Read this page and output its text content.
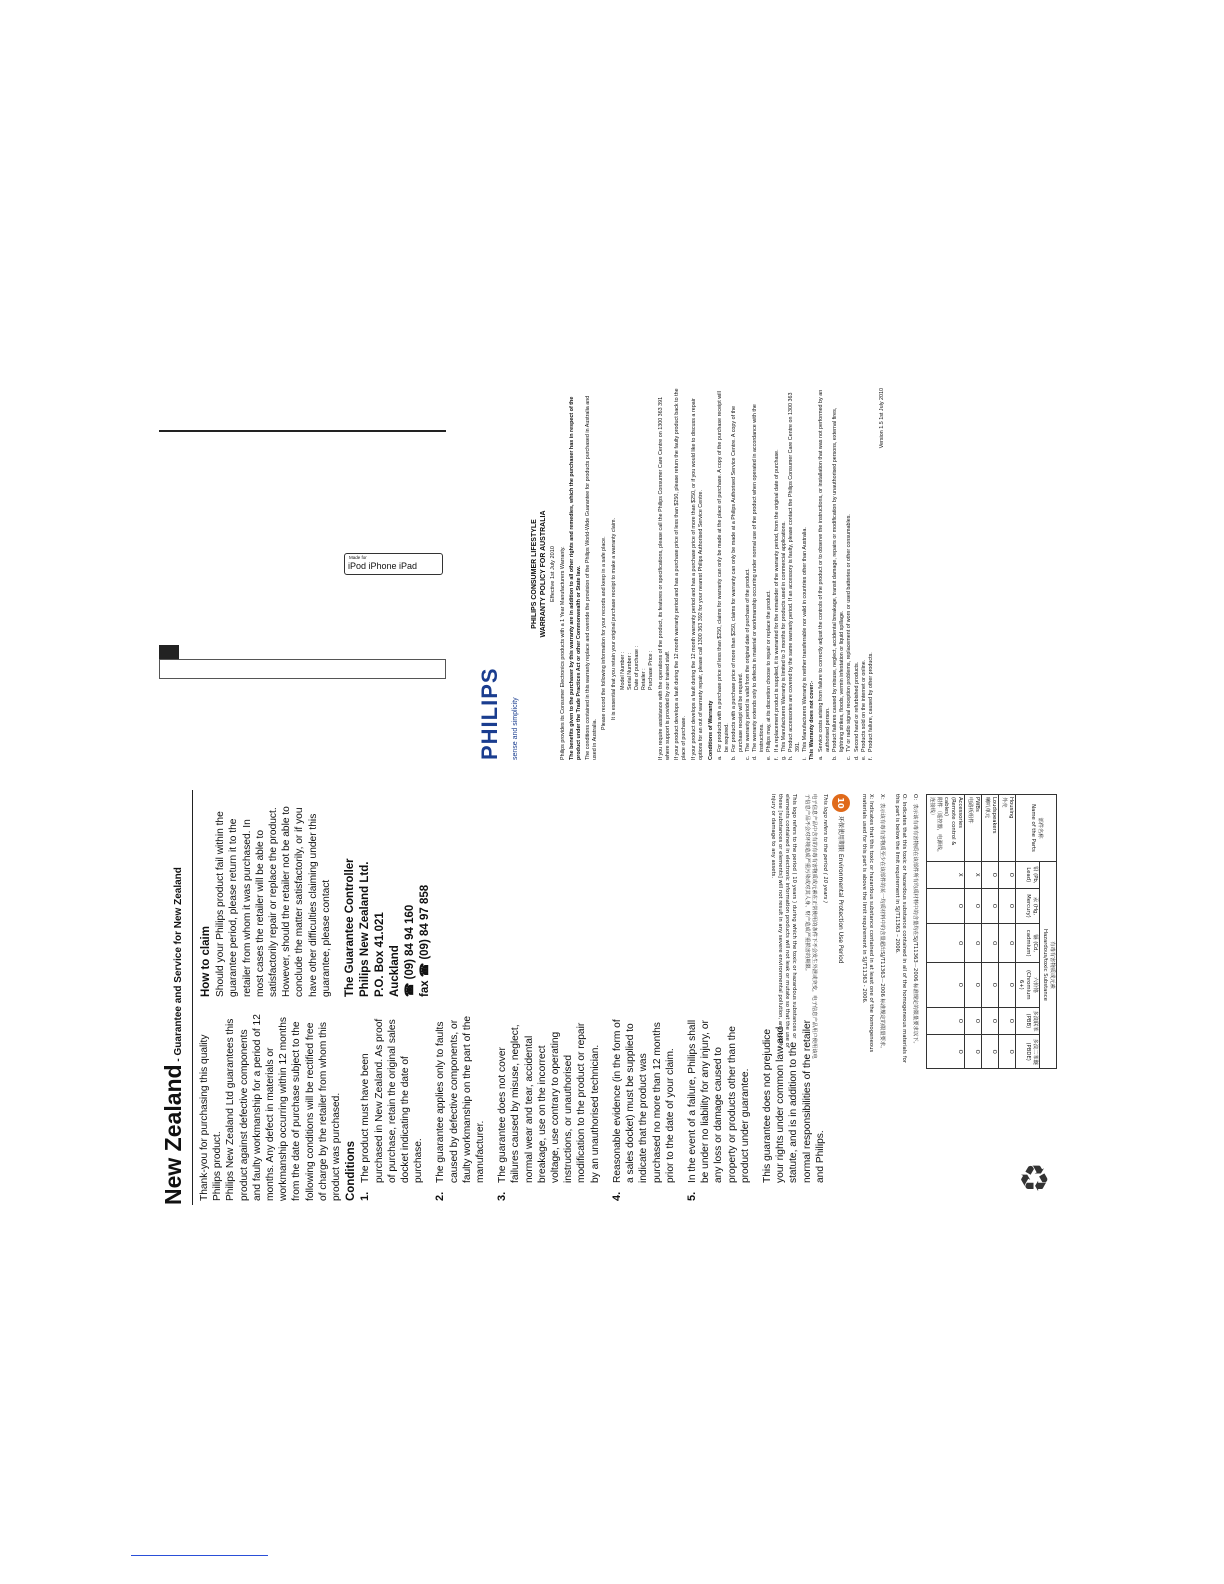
Made for
iPod iPhone iPad
New Zealand - Guarantee and Service for New Zealand

Thank-you for purchasing this quality Philips product. Philips New Zealand Ltd guarantees this product against defective components and faulty workmanship for a period of 12 months. Any defect in materials or workmanship occurring within 12 months from the date of purchase subject to the following conditions will be rectified free of charge by the retailer from whom this product was purchased. Conditions 1.
The product must have been purchased in New Zealand. As proof of purchase, retain the original sales docket indicating the date of purchase.
2.
The guarantee applies only to faults caused by defective components, or faulty workmanship on the part of the manufacturer.
3.
The guarantee does not cover failures caused by misuse, neglect, normal wear and tear, accidental breakage, use on the incorrect voltage, use contrary to operating instructions, or unauthorised modification to the product or repair by an unauthorised technician.
4.
Reasonable evidence (in the form of a sales docket) must be supplied to indicate that the product was purchased no more than 12 months prior to the date of your claim.
5.
In the event of a failure, Philips shall be under no liability for any injury, or any loss or damage caused to property or products other than the product under guarantee. This guarantee does not prejudice your rights under common law and statute, and is in addition to the normal responsibilities of the retailer and Philips.

How to claim Should your Philips product fail within the guarantee period, please return it to the retailer from whom it was purchased. In most cases the retailer will be able to satisfactorily repair or replace the product. However, should the retailer not be able to conclude the matter satisfactorily, or if you have other difficulties claiming under this guarantee, please contact The Guarantee Controller Philips New Zealand Ltd. P.O. Box 41.021 Auckland ☎ (09) 84 94 160 fax ☎ (09) 84 97 858
PHILIPS sense and simplicity
PHILIPS CONSUMER LIFESTYLE WARRANTY POLICY FOR AUSTRALIA Effective 1st July 2010 Philips provides its Consumer Electronics products with a 1 Year Manufacturers Warranty. The benefits given to the purchaser by this warranty are in addition to all other rights and remedies, which the purchaser has in respect of the product under the Trade Practices Act or other Commonwealth or State law. The conditions contained in this warranty replace and override the provision of the Philips World-Wide Guarantee for products purchased in Australia and used in Australia.

Please record the following information for your records and keep in a safe place. It is essential that you retain your original purchase receipt to make a warranty claim. Model Number : Serial Number : Date of purchase : Retailer : Purchase Price : If you require assistance with the operations of the product, its features or specifications, please call the Philips Consumer Care Centre on 1300 363 391 where support is provided by our trained staff. If your product develops a fault during the 12 month warranty period and has a purchase price of less than $250, please return the faulty product back to the place of purchase. If your product develops a fault during the 12 month warranty period and has a purchase price of more than $250, or if you would like to discuss a repair options for an out of warranty repair, please call 1300 363 392 for your nearest Philips Authorised Service Centre. Conditions of Warranty a.
For products with a purchase price of less than $250, claims for warranty can only be made at the place of purchase. A copy of the purchase receipt will be required.
b.
For products with a purchase price of more than $250, claims for warranty can only be made at a Philips Authorised Service Centre. A copy of the purchase receipt will be required.
c.
The warranty period is valid from the original date of purchase of the product.
d.
The warranty extends only to defects in material or workmanship occurring under normal use of the product when operated in accordance with the instructions.
e.
Philips may, at its discretion choose to repair or replace the product.
f.
If a replacement product is supplied, it is warranted for the remainder of the warranty period, from the original date of purchase.
g.
This Manufacturers Warranty is limited to 3 months for products used in commercial applications.
h.
Product accessories are covered by the same warranty period. If an accessory is faulty, please contact the Philips Consumer Care Centre on 1300 363 391.
i.
This Manufacturers Warranty is neither transferrable nor valid in countries other than Australia. This Warranty does not cover:- a.
Service costs arising from failure to correctly adjust the controls of the product or to observe the instructions, or installation that was not performed by an authorised person.
b.
Product failures caused by misuse, neglect, accidental breakage, transit damage, repairs or modification by unauthorised persons, external fires, lightning strikes, floods, vermin infestation or liquid spillage.
c.
TV or radio signal reception problems, replacement of worn or used batteries or other consumables.
d.
Second hand or refurbished products.
e.
Products sold on the internet or online.
f.
Product failure, caused by other products.
Version 1.5 1st July 2010
部件名称
Name of the Parts	有毒有害物质或元素
Hazardous/toxic Substance					
	铅 (Pb, Lead)	汞 (Hg, Mercury)	镉 (Cd, cadmium)	六价铬(Chromium 6+)	多溴联苯 (PBB)	多溴二苯醚 (PBDE)
Housing
外壳	O	O	O	O	O	O
Loudspeakers
喇叭单元	O	O	O	O	O	O
PWBs
电路板组件	X	O	O	O	O	O
Accessories
(Remote control & cables)
附件（遥控器，电源线，连接线）	X	O	O	O	O	O

O：表示该有毒有害物质在该部件所有均质材料中的含量均在SJ/T11363－2006 标准规定的限量要求以下。

O: Indicates that this toxic or hazardous substance contained in all of the homogeneous materials for this part is below the limit requirement in SJ/T11363 – 2006.

X：表示该有毒有害物质至少在该部件的某一均质材料中的含量超出SJ/T11363－2006 标准规定的限量要求。

X: Indicates that this toxic or hazardous substance contained in at least one of the homogeneous materials used for this part is above the limit requirement in SJ/T11363 - 2006.

10
环保使用期限 Environmental Protection Use Period

This logo refers to the period ( 10 years )

电子信息产品中含有的有毒有害物质或元素在正常使用的条件下不会发生外泄或突变，电子信息产品用户使用该电子信息产品不会对环境造成严重污染或对其人身、财产造成严重损害的期限。

This logo refers to the period ( 10 years ) during which the toxic or hazardous substances or elements contained in electronic information products will not leak or mutate so that the use of these [substances or elements] will not result in any severe environmental pollution, any bodily injury or damage to any assets.

♻
